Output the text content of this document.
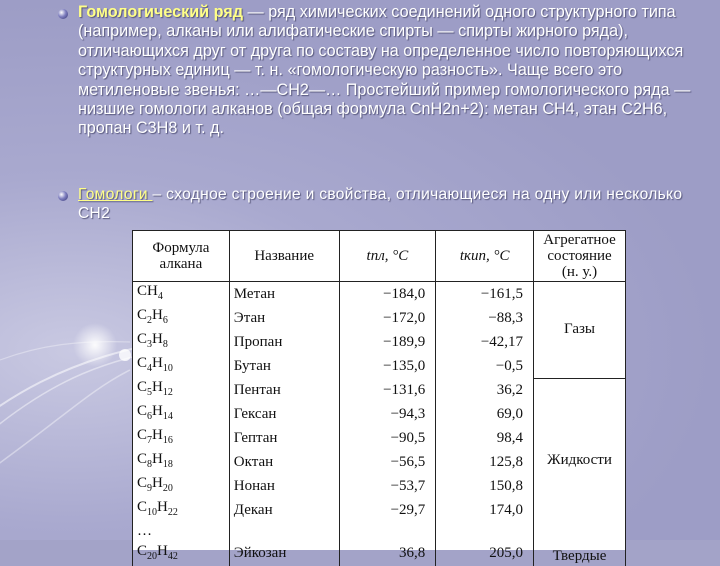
Гомологический ряд — ряд химических соединений одного структурного типа (например, алканы или алифатические спирты — спирты жирного ряда), отличающихся друг от друга по составу на определенное число повторяющихся структурных единиц — т. н. «гомологическую разность». Чаще всего это метиленовые звенья: …—CH2—… Простейший пример гомологического ряда — низшие гомологи алканов (общая формула CnH2n+2): метан CH4, этан C2H6, пропан C3H8 и т. д.
Гомологи – сходное строение и свойства, отличающиеся на одну или несколько CH2
Формула алкана	Название	tпл, °C	tкип, °C	Агрегатное состояние (н. у.)
$CH_4$	Метан	−184,0	−161,5	Газы
$C_2H_6$	Этан	−172,0	−88,3	
$C_3H_8$	Пропан	−189,9	−42,17	
$C_4H_{10}$	Бутан	−135,0	−0,5	
$C_5H_{12}$	Пентан	−131,6	36,2	Жидкости
$C_6H_{14}$	Гексан	−94,3	69,0	
$C_7H_{16}$	Гептан	−90,5	98,4	
$C_8H_{18}$	Октан	−56,5	125,8	
$C_9H_{20}$	Нонан	−53,7	150,8	
$C_{10}H_{22}$	Декан	−29,7	174,0	
…				
$C_{20}H_{42}$	Эйкозан	36,8	205,0	Твердые
